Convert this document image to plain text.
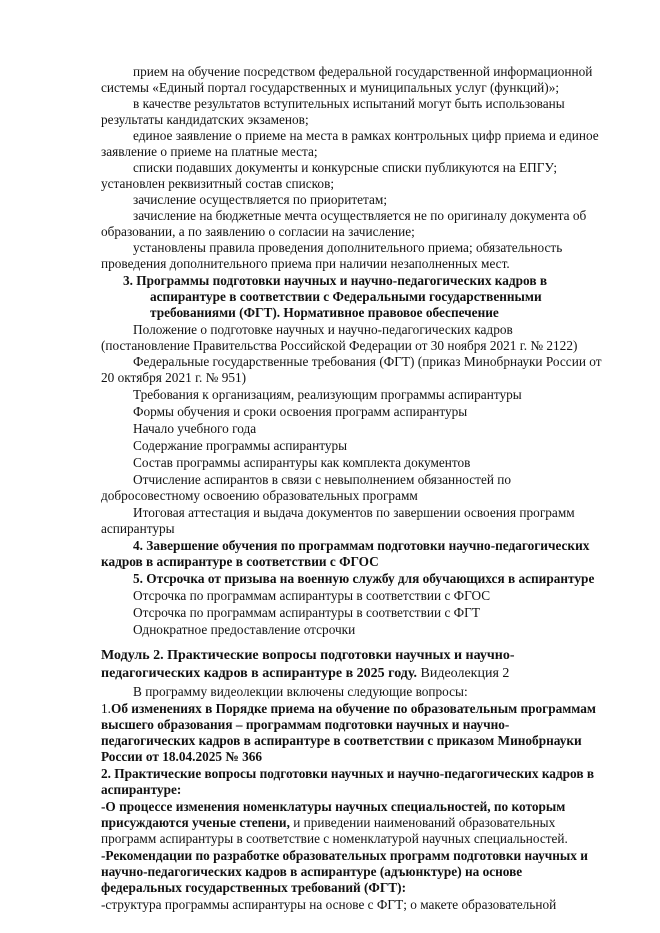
прием на обучение посредством федеральной государственной информационной
системы «Единый портал государственных и муниципальных услуг (функций)»;
в качестве результатов вступительных испытаний могут быть использованы
результаты кандидатских экзаменов;
единое заявление о приеме на места в рамках контрольных цифр приема и единое
заявление о приеме на платные места;
списки подавших документы и конкурсные списки публикуются на ЕПГУ;
установлен реквизитный состав списков;
зачисление осуществляется по приоритетам;
зачисление на бюджетные мечта осуществляется не по оригиналу документа об
образовании, а по заявлению о согласии на зачисление;
установлены правила проведения дополнительного приема; обязательность
проведения дополнительного приема при наличии незаполненных мест.
3. Программы подготовки научных и научно-педагогических кадров в
аспирантуре в соответствии с Федеральными государственными
требованиями (ФГТ). Нормативное правовое обеспечение
Положение о подготовке научных и научно-педагогических кадров
(постановление Правительства Российской Федерации от 30 ноября 2021 г. № 2122)
Федеральные государственные требования (ФГТ) (приказ Минобрнауки России от
20 октября 2021 г. № 951)
Требования к организациям, реализующим программы аспирантуры
Формы обучения и сроки освоения программ аспирантуры
Начало учебного года
Содержание программы аспирантуры
Состав программы аспирантуры как комплекта документов
Отчисление аспирантов в связи с невыполнением обязанностей по
добросовестному освоению образовательных программ
Итоговая аттестация и выдача документов по завершении освоения программ
аспирантуры
4. Завершение обучения по программам подготовки научно-педагогических
кадров в аспирантуре в соответствии с ФГОС
5. Отсрочка от призыва на военную службу для обучающихся в аспирантуре
Отсрочка по программам аспирантуры в соответствии с ФГОС
Отсрочка по программам аспирантуры в соответствии с ФГТ
Однократное предоставление отсрочки
Модуль 2. Практические вопросы подготовки научных и научно-
педагогических кадров в аспирантуре в 2025 году. Видеолекция 2
В программу видеолекции включены следующие вопросы:
1.Об изменениях в Порядке приема на обучение по образовательным программам
высшего образования – программам подготовки научных и научно-
педагогических кадров в аспирантуре в соответствии с приказом Минобрнауки
России от 18.04.2025 № 366
2. Практические вопросы подготовки научных и научно-педагогических кадров в
аспирантуре:
-О процессе изменения номенклатуры научных специальностей, по которым
присуждаются ученые степени, и приведении наименований образовательных
программ аспирантуры в соответствие с номенклатурой научных специальностей.
-Рекомендации по разработке образовательных программ подготовки научных и
научно-педагогических кадров в аспирантуре (адъюнктуре) на основе
федеральных государственных требований (ФГТ):
-структура программы аспирантуры на основе с ФГТ; о макете образовательной
